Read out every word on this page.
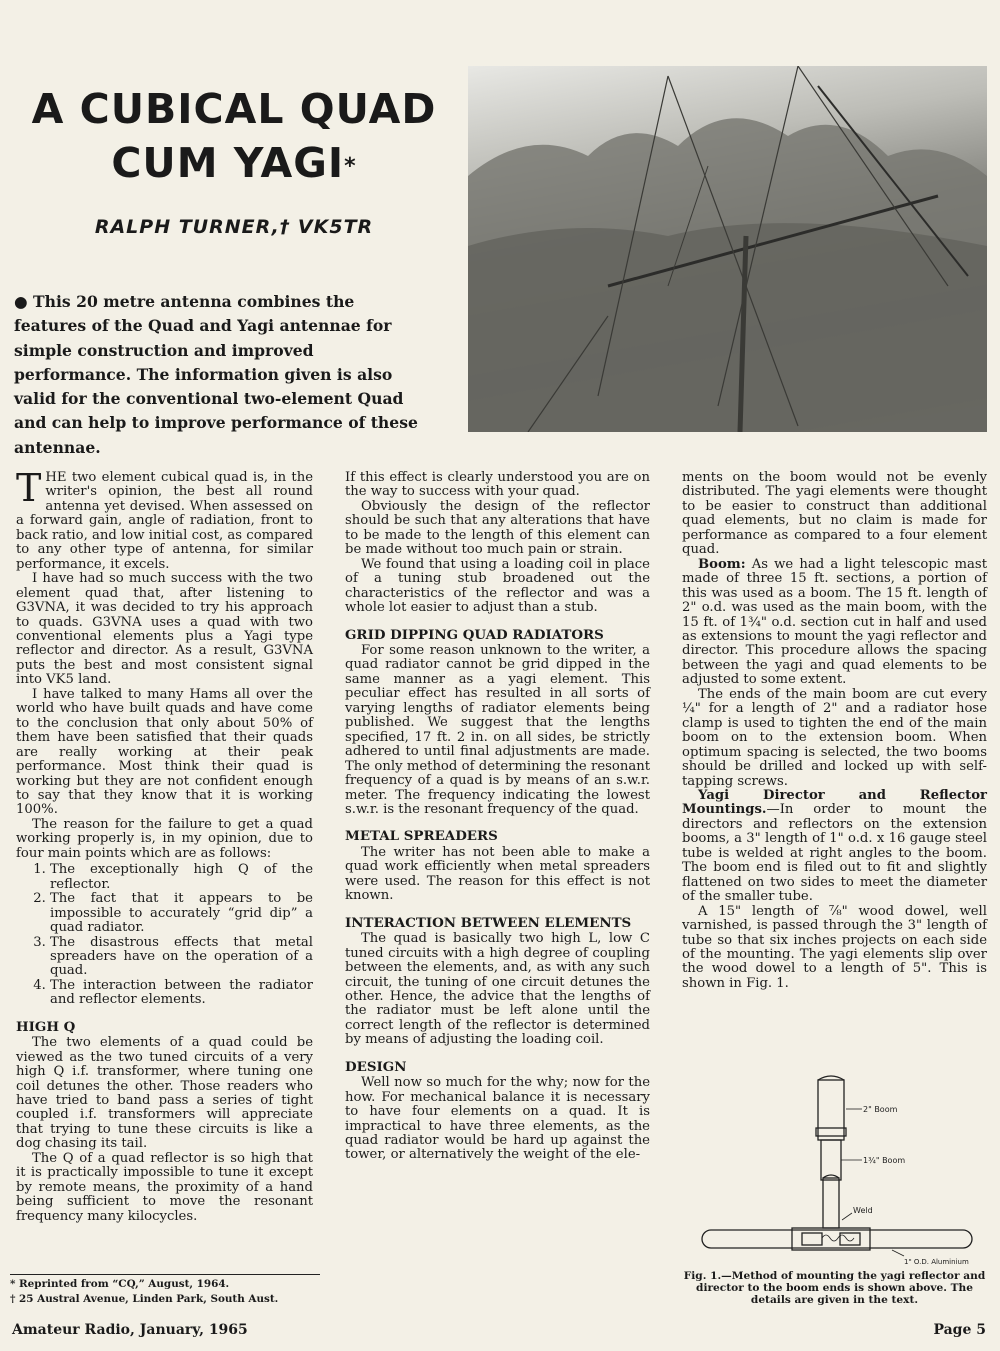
A CUBICAL QUAD
CUM YAGI*
RALPH TURNER,† VK5TR
● This 20 metre antenna combines the features of the Quad and Yagi antennae for simple construction and improved performance. The information given is also valid for the conventional two-element Quad and can help to improve performance of these antennae.

THE two element cubical quad is, in the writer's opinion, the best all round antenna yet devised. When assessed on a forward gain, angle of radiation, front to back ratio, and low initial cost, as compared to any other type of antenna, for similar performance, it excels.

I have had so much success with the two element quad that, after listening to G3VNA, it was decided to try his approach to quads. G3VNA uses a quad with two conventional elements plus a Yagi type reflector and director. As a result, G3VNA puts the best and most consistent signal into VK5 land.

I have talked to many Hams all over the world who have built quads and have come to the conclusion that only about 50% of them have been satisfied that their quads are really working at their peak performance. Most think their quad is working but they are not confident enough to say that they know that it is working 100%.

The reason for the failure to get a quad working properly is, in my opinion, due to four main points which are as follows:

1. The exceptionally high Q of the reflector.
2. The fact that it appears to be impossible to accurately “grid dip” a quad radiator.
3. The disastrous effects that metal spreaders have on the operation of a quad.
4. The interaction between the radiator and reflector elements.
HIGH Q

The two elements of a quad could be viewed as the two tuned circuits of a very high Q i.f. transformer, where tuning one coil detunes the other. Those readers who have tried to band pass a series of tight coupled i.f. transformers will appreciate that trying to tune these circuits is like a dog chasing its tail.

The Q of a quad reflector is so high that it is practically impossible to tune it except by remote means, the proximity of a hand being sufficient to move the resonant frequency many kilocycles.

* Reprinted from “CQ,” August, 1964.
† 25 Austral Avenue, Linden Park, South Aust.

If this effect is clearly understood you are on the way to success with your quad.

Obviously the design of the reflector should be such that any alterations that have to be made to the length of this element can be made without too much pain or strain.

We found that using a loading coil in place of a tuning stub broadened out the characteristics of the reflector and was a whole lot easier to adjust than a stub.

GRID DIPPING QUAD RADIATORS

For some reason unknown to the writer, a quad radiator cannot be grid dipped in the same manner as a yagi element. This peculiar effect has resulted in all sorts of varying lengths of radiator elements being published. We suggest that the lengths specified, 17 ft. 2 in. on all sides, be strictly adhered to until final adjustments are made. The only method of determining the resonant frequency of a quad is by means of an s.w.r. meter. The frequency indicating the lowest s.w.r. is the resonant frequency of the quad.

METAL SPREADERS

The writer has not been able to make a quad work efficiently when metal spreaders were used. The reason for this effect is not known.

INTERACTION BETWEEN ELEMENTS

The quad is basically two high L, low C tuned circuits with a high degree of coupling between the elements, and, as with any such circuit, the tuning of one circuit detunes the other. Hence, the advice that the lengths of the radiator must be left alone until the correct length of the reflector is determined by means of adjusting the loading coil.

DESIGN

Well now so much for the why; now for the how. For mechanical balance it is necessary to have four elements on a quad. It is impractical to have three elements, as the quad radiator would be hard up against the tower, or alternatively the weight of the ele-

ments on the boom would not be evenly distributed. The yagi elements were thought to be easier to construct than additional quad elements, but no claim is made for performance as compared to a four element quad.

Boom: As we had a light telescopic mast made of three 15 ft. sections, a portion of this was used as a boom. The 15 ft. length of 2" o.d. was used as the main boom, with the 15 ft. of 1¾" o.d. section cut in half and used as extensions to mount the yagi reflector and director. This procedure allows the spacing between the yagi and quad elements to be adjusted to some extent.

The ends of the main boom are cut every ¼" for a length of 2" and a radiator hose clamp is used to tighten the end of the main boom on to the extension boom. When optimum spacing is selected, the two booms should be drilled and locked up with self-tapping screws.

Yagi Director and Reflector Mountings.—In order to mount the directors and reflectors on the extension booms, a 3" length of 1" o.d. x 16 gauge steel tube is welded at right angles to the boom. The boom end is filed out to fit and slightly flattened on two sides to meet the diameter of the smaller tube.

A 15" length of ⅞" wood dowel, well varnished, is passed through the 3" length of tube so that six inches projects on each side of the mounting. The yagi elements slip over the wood dowel to a length of 5". This is shown in Fig. 1.

2" Boom
1¾" Boom
Weld
1" O.D. Aluminium
Fig. 1.—Method of mounting the yagi reflector and director to the boom ends is shown above. The details are given in the text.
Amateur Radio, January, 1965	Page 5
